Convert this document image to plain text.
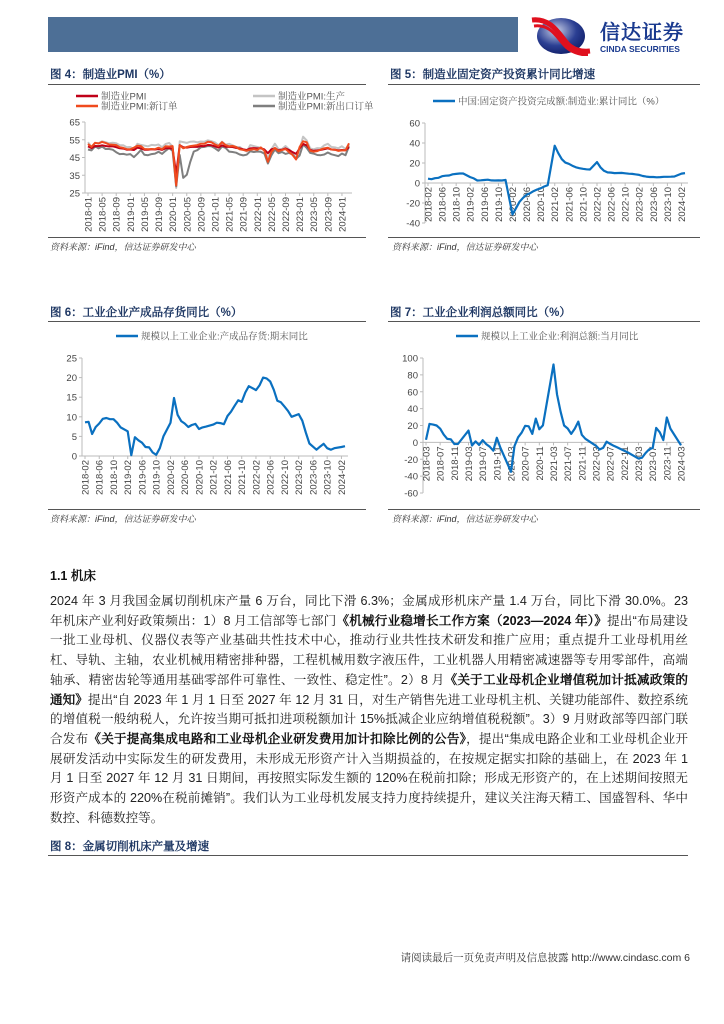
信达证券
CINDA SECURITIES
图 4：制造业PMI（%）
25
35
45
55
65
2018-01 2018-05 2018-09 2019-01 2019-05 2019-09 2020-01 2020-05 2020-09 2021-01 2021-05 2021-09 2022-01 2022-05 2022-09 2023-01 2023-05 2023-09 2024-01
制造业PMI	制造业PMI:生产
制造业PMI:新订单	制造业PMI:新出口订单
资料来源：iFind，信达证券研发中心
图 5：制造业固定资产投资累计同比增速
-40
-20
0
20
40
60
2018-02 2018-06 2018-10 2019-02 2019-06 2019-10 2020-02 2020-06 2020-10 2021-02 2021-06 2021-10 2022-02 2022-06 2022-10 2023-02 2023-06 2023-10 2024-02
中国:固定资产投资完成额:制造业:累计同比（%）
资料来源：iFind，信达证券研发中心
图 6：工业企业产成品存货同比（%）
0
5
10
15
20
25
2018-02 2018-06 2018-10 2019-02 2019-06 2019-10 2020-02 2020-06 2020-10 2021-02 2021-06 2021-10 2022-02 2022-06 2022-10 2023-02 2023-06 2023-10 2024-02
规模以上工业企业:产成品存货:期末同比
资料来源：iFind，信达证券研发中心
图 7：工业企业利润总额同比（%）
-60
-40
-20
0
20
40
60
80
100
2018-03 2018-07 2018-11 2019-03 2019-07 2019-11 2020-03 2020-07 2020-11 2021-03 2021-07 2021-11 2022-03 2022-07 2022-11 2023-03 2023-07 2023-11 2024-03
规模以上工业企业:利润总额:当月同比
资料来源：iFind，信达证券研发中心
1.1 机床
2024 年 3 月我国金属切削机床产量 6 万台，同比下滑 6.3%；金属成形机床产量 1.4 万台，同比下滑 30.0%。23 年机床产业利好政策频出：1）8 月工信部等七部门《机械行业稳增长工作方案（2023—2024 年）》提出“布局建设一批工业母机、仪器仪表等产业基础共性技术中心，推动行业共性技术研发和推广应用；重点提升工业母机用丝杠、导轨、主轴，农业机械用精密排种器，工程机械用数字液压件，工业机器人用精密减速器等专用零部件，高端轴承、精密齿轮等通用基础零部件可靠性、一致性、稳定性”。2）8 月《关于工业母机企业增值税加计抵减政策的通知》提出“自 2023 年 1 月 1 日至 2027 年 12 月 31 日，对生产销售先进工业母机主机、关键功能部件、数控系统的增值税一般纳税人，允许按当期可抵扣进项税额加计 15%抵减企业应纳增值税税额”。3）9 月财政部等四部门联合发布《关于提高集成电路和工业母机企业研发费用加计扣除比例的公告》，提出“集成电路企业和工业母机企业开展研发活动中实际发生的研发费用，未形成无形资产计入当期损益的，在按规定据实扣除的基础上，在 2023 年 1 月 1 日至 2027 年 12 月 31 日期间，再按照实际发生额的 120%在税前扣除；形成无形资产的，在上述期间按照无形资产成本的 220%在税前摊销”。我们认为工业母机发展支持力度持续提升，建议关注海天精工、国盛智科、华中数控、科德数控等。
图 8：金属切削机床产量及增速
请阅读最后一页免责声明及信息披露 http://www.cindasc.com 6
